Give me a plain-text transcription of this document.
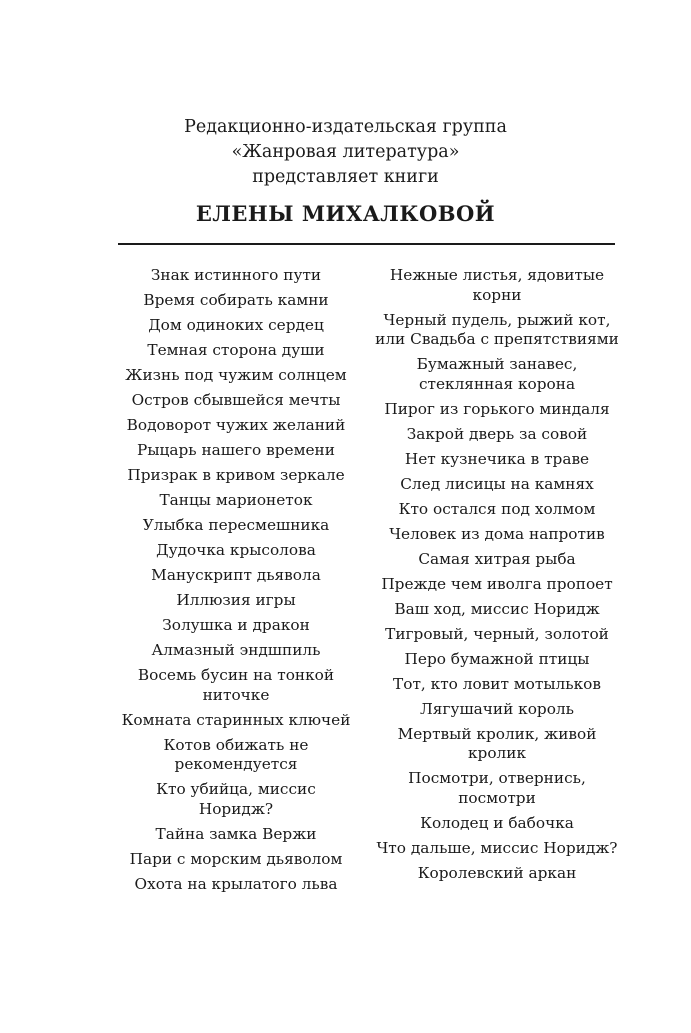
Редакционно-издательская группа
«Жанровая литература»
представляет книги
ЕЛЕНЫ МИХАЛКОВОЙ
Знак истинного пути
Время собирать камни
Дом одиноких сердец
Темная сторона души
Жизнь под чужим солнцем
Остров сбывшейся мечты
Водоворот чужих желаний
Рыцарь нашего времени
Призрак в кривом зеркале
Танцы марионеток
Улыбка пересмешника
Дудочка крысолова
Манускрипт дьявола
Иллюзия игры
Золушка и дракон
Алмазный эндшпиль
Восемь бусин на тонкой ниточке
Комната старинных ключей
Котов обижать не рекомендуется
Кто убийца, миссис Норидж?
Тайна замка Вержи
Пари с морским дьяволом
Охота на крылатого льва
Нежные листья, ядовитые корни
Черный пудель, рыжий кот, или Свадьба с препятствиями
Бумажный занавес, стеклянная корона
Пирог из горького миндаля
Закрой дверь за совой
Нет кузнечика в траве
След лисицы на камнях
Кто остался под холмом
Человек из дома напротив
Самая хитрая рыба
Прежде чем иволга пропоет
Ваш ход, миссис Норидж
Тигровый, черный, золотой
Перо бумажной птицы
Тот, кто ловит мотыльков
Лягушачий король
Мертвый кролик, живой кролик
Посмотри, отвернись, посмотри
Колодец и бабочка
Что дальше, миссис Норидж?
Королевский аркан
